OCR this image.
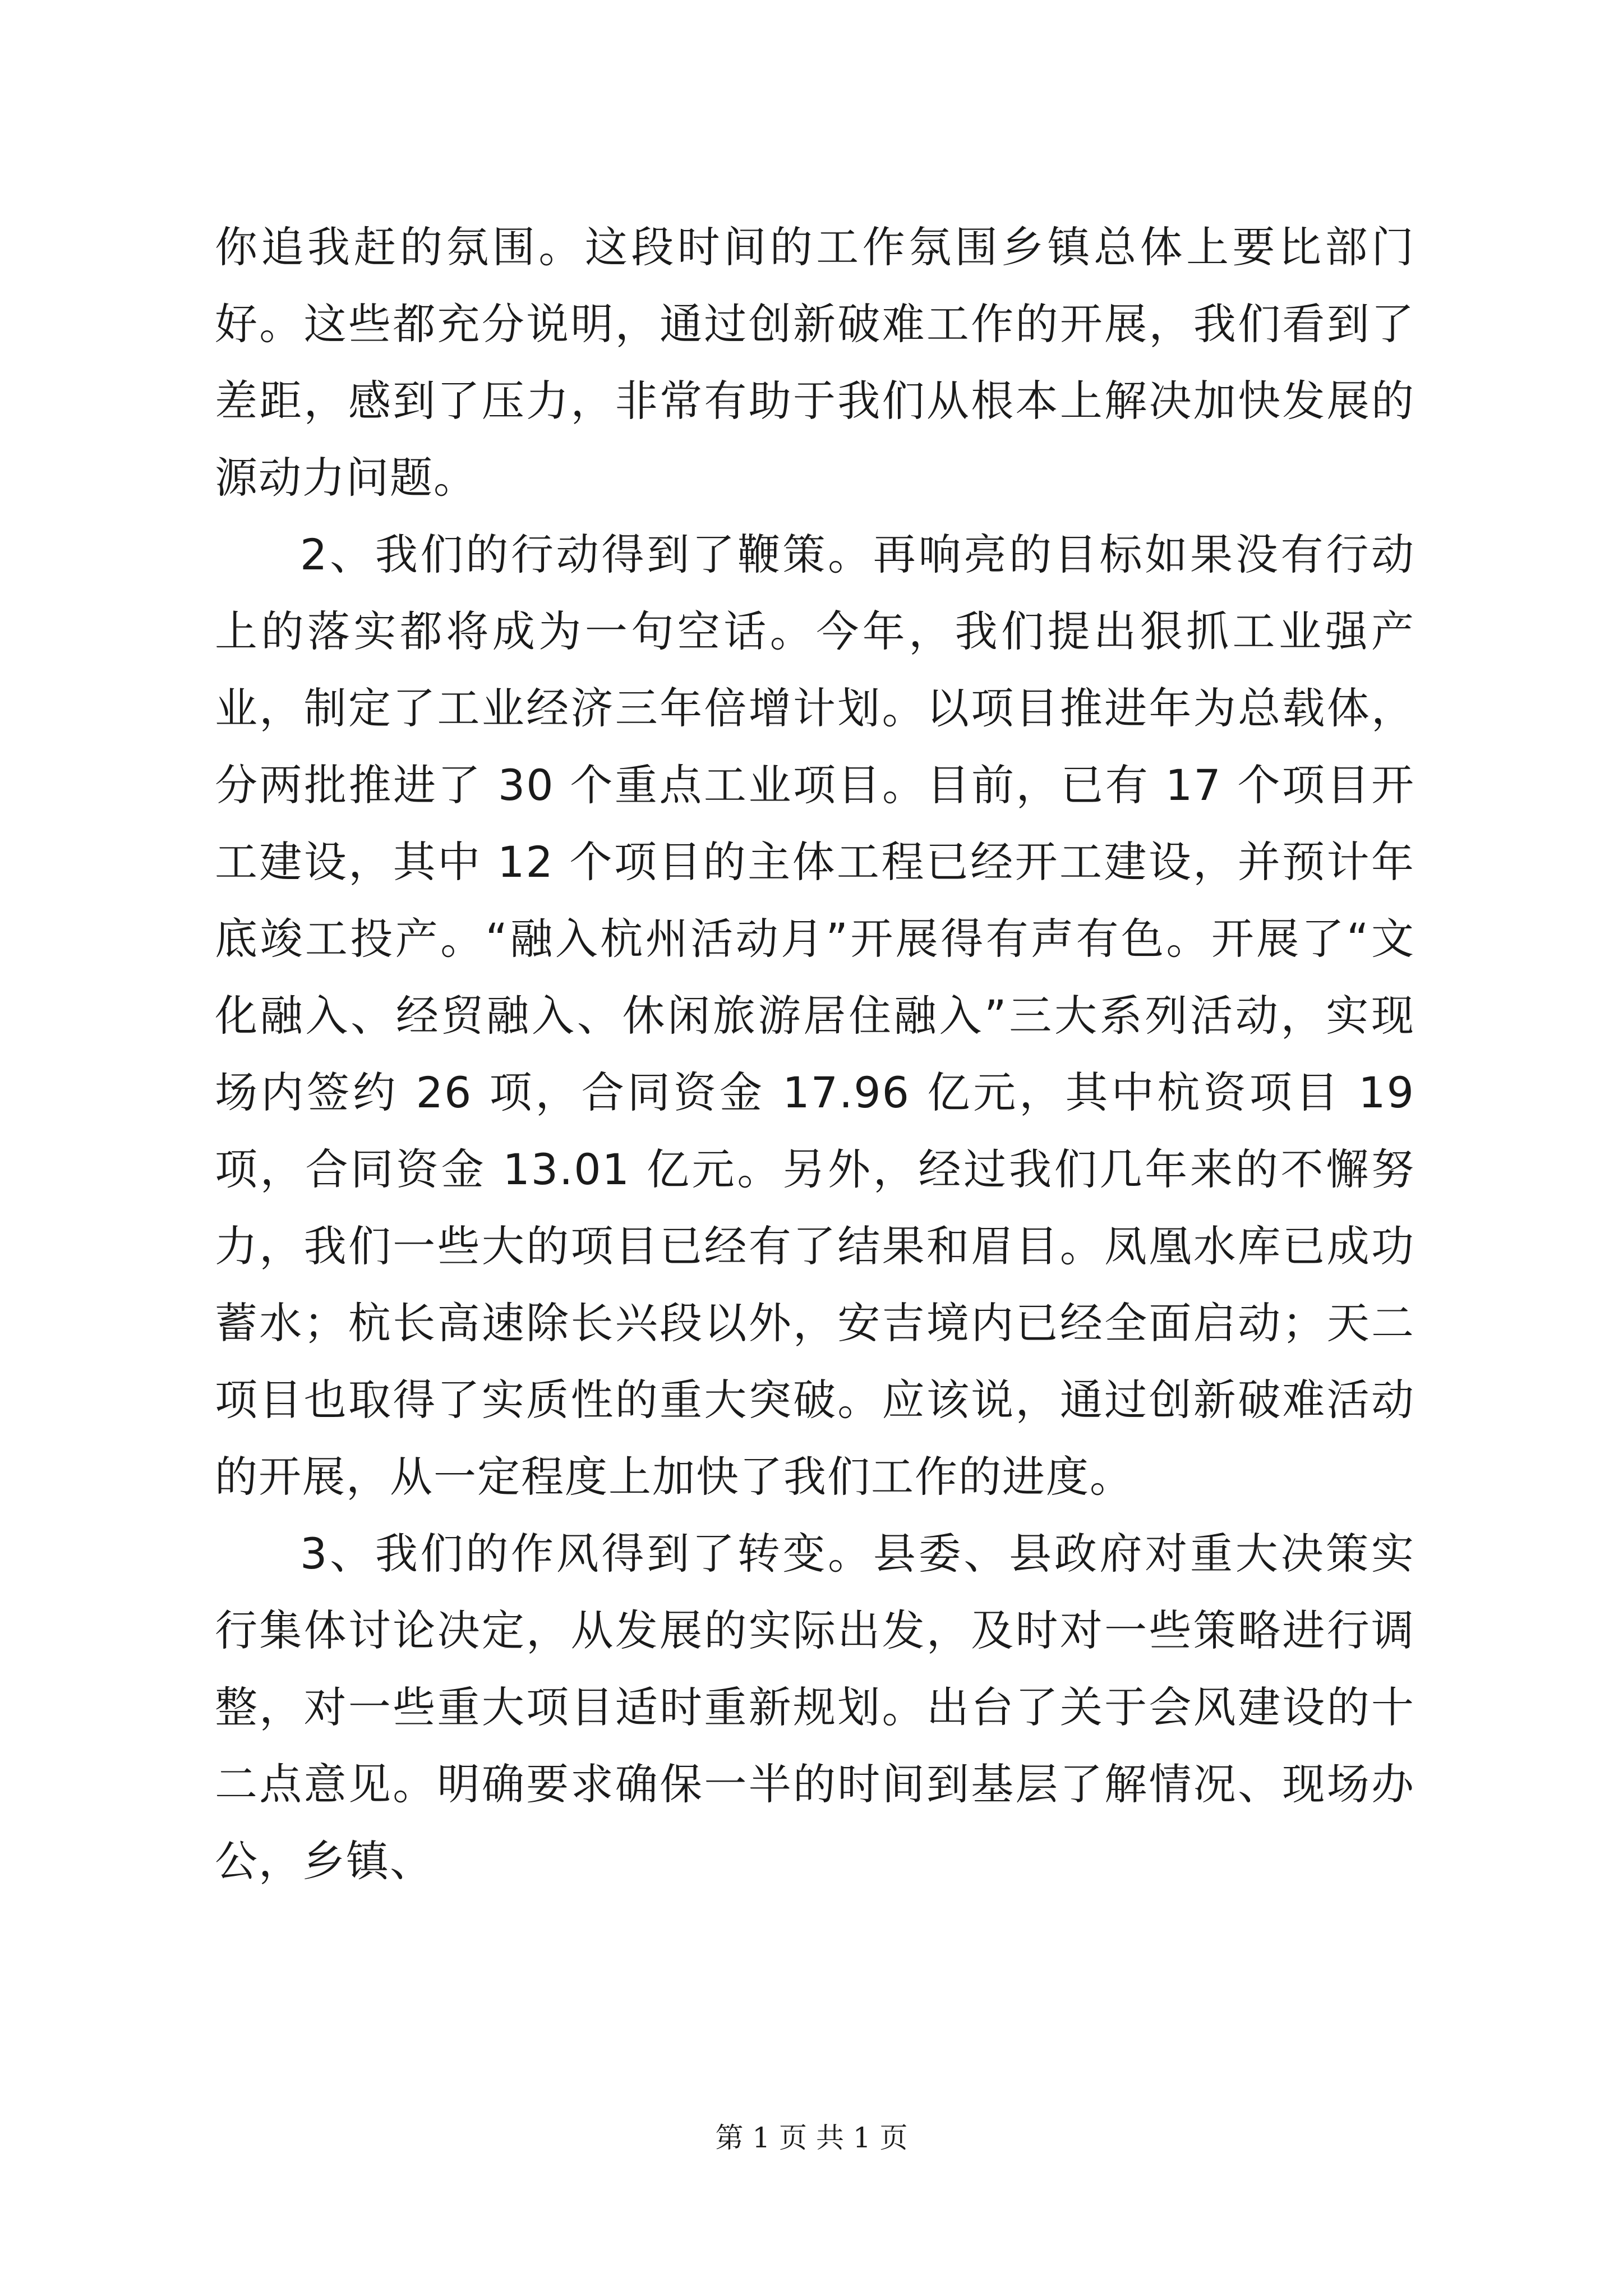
你追我赶的氛围。这段时间的工作氛围乡镇总体上要比部门好。这些都充分说明，通过创新破难工作的开展，我们看到了差距，感到了压力，非常有助于我们从根本上解决加快发展的源动力问题。

2、我们的行动得到了鞭策。再响亮的目标如果没有行动上的落实都将成为一句空话。今年，我们提出狠抓工业强产业，制定了工业经济三年倍增计划。以项目推进年为总载体，分两批推进了 30 个重点工业项目。目前，已有 17 个项目开工建设，其中 12 个项目的主体工程已经开工建设，并预计年底竣工投产。“融入杭州活动月”开展得有声有色。开展了“文化融入、经贸融入、休闲旅游居住融入”三大系列活动，实现场内签约 26 项，合同资金 17.96 亿元，其中杭资项目 19 项，合同资金 13.01 亿元。另外，经过我们几年来的不懈努力，我们一些大的项目已经有了结果和眉目。凤凰水库已成功蓄水；杭长高速除长兴段以外，安吉境内已经全面启动；天二项目也取得了实质性的重大突破。应该说，通过创新破难活动的开展，从一定程度上加快了我们工作的进度。

3、我们的作风得到了转变。县委、县政府对重大决策实行集体讨论决定，从发展的实际出发，及时对一些策略进行调整，对一些重大项目适时重新规划。出台了关于会风建设的十二点意见。明确要求确保一半的时间到基层了解情况、现场办公，乡镇、

第 1 页 共 1 页
